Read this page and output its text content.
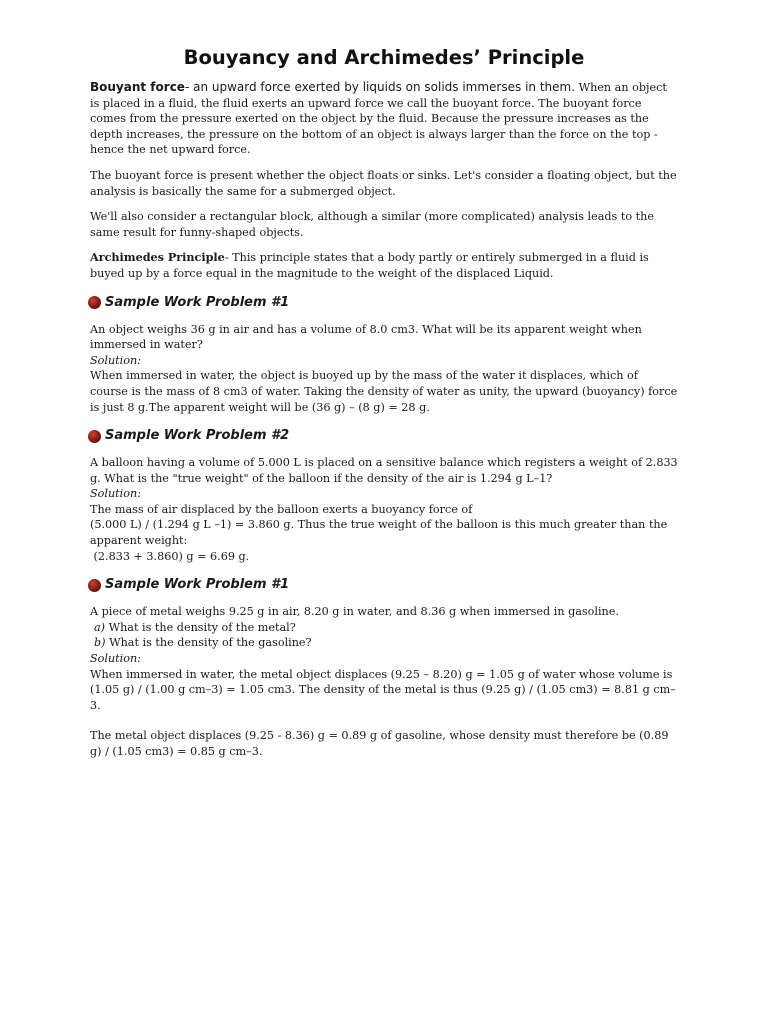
Bouyancy and Archimedes’ Principle

Bouyant force- an upward force exerted by liquids on solids immerses in them. When an object is placed in a fluid, the fluid exerts an upward force we call the buoyant force. The buoyant force comes from the pressure exerted on the object by the fluid. Because the pressure increases as the depth increases, the pressure on the bottom of an object is always larger than the force on the top - hence the net upward force.

The buoyant force is present whether the object floats or sinks. Let's consider a floating object, but the analysis is basically the same for a submerged object.

We'll also consider a rectangular block, although a similar (more complicated) analysis leads to the same result for funny-shaped objects.

Archimedes Principle- This principle states that a body partly or entirely submerged in a fluid is buyed up by a force equal in the magnitude to the weight of the displaced Liquid.

Sample Work Problem #1
An object weighs 36 g in air and has a volume of 8.0 cm3. What will be its apparent weight when immersed in water?
Solution:
When immersed in water, the object is buoyed up by the mass of the water it displaces, which of course is the mass of 8 cm3 of water. Taking the density of water as unity, the upward (buoyancy) force is just 8 g.The apparent weight will be (36 g) – (8 g) = 28 g.
Sample Work Problem #2
A balloon having a volume of 5.000 L is placed on a sensitive balance which registers a weight of 2.833 g. What is the "true weight" of the balloon if the density of the air is 1.294 g L–1?
Solution:
The mass of air displaced by the balloon exerts a buoyancy force of
(5.000 L) / (1.294 g L –1) = 3.860 g. Thus the true weight of the balloon is this much greater than the apparent weight:
(2.833 + 3.860) g = 6.69 g.
Sample Work Problem #1
A piece of metal weighs 9.25 g in air, 8.20 g in water, and 8.36 g when immersed in gasoline.
a) What is the density of the metal?
b) What is the density of the gasoline?
Solution:
When immersed in water, the metal object displaces (9.25 – 8.20) g = 1.05 g of water whose volume is (1.05 g) / (1.00 g cm–3) = 1.05 cm3. The density of the metal is thus (9.25 g) / (1.05 cm3) = 8.81 g cm–3.
The metal object displaces (9.25 - 8.36) g = 0.89 g of gasoline, whose density must therefore be (0.89 g) / (1.05 cm3) = 0.85 g cm–3.
